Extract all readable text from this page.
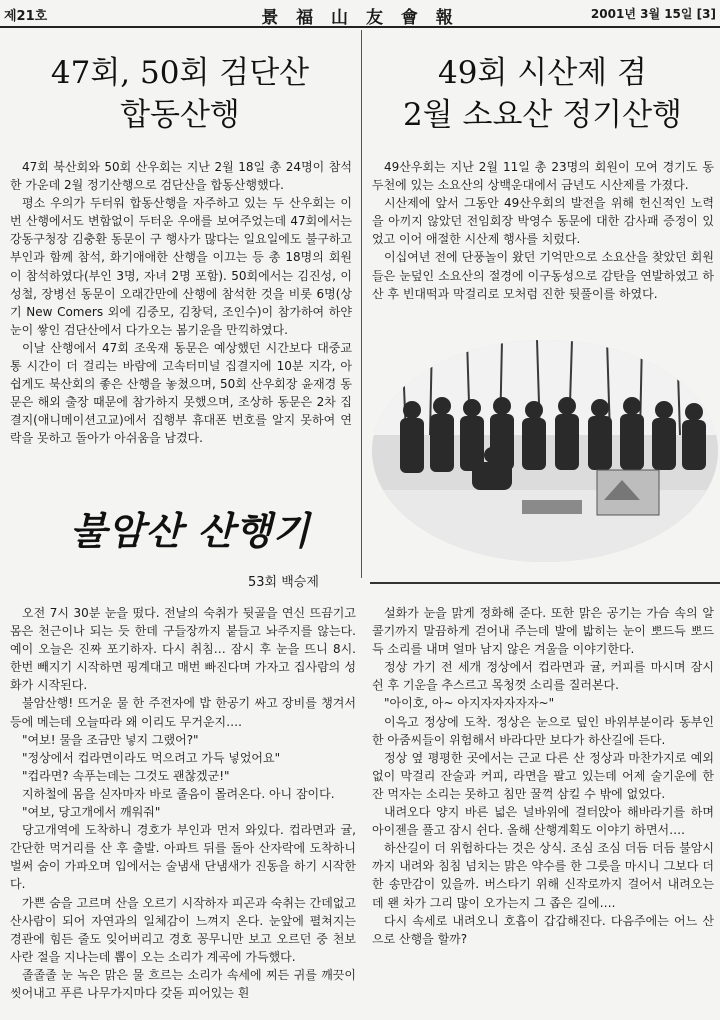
제21호	景 福 山 友 會 報	2001년 3월 15일 [3]
47회, 50회 검단산
합동산행

47회 북산회와 50회 산우회는 지난 2월 18일 총 24명이 참석한 가운데 2월 정기산행으로 검단산을 합동산행했다.

평소 우의가 두터워 합동산행을 자주하고 있는 두 산우회는 이번 산행에서도 변함없이 두터운 우애를 보여주었는데 47회에서는 강동구청장 김충환 동문이 구 행사가 많다는 일요일에도 불구하고 부인과 함께 참석, 화기애애한 산행을 이끄는 등 총 18명의 회원이 참석하였다(부인 3명, 자녀 2명 포함). 50회에서는 김진성, 이성철, 장병선 동문이 오래간만에 산행에 참석한 것을 비롯 6명(상기 New Comers 외에 김중모, 김창덕, 조인수)이 참가하여 하얀 눈이 쌓인 검단산에서 다가오는 봄기운을 만끽하였다.

이날 산행에서 47회 조욱재 동문은 예상했던 시간보다 대중교통 시간이 더 걸리는 바람에 고속터미널 집결지에 10분 지각, 아쉽게도 북산회의 좋은 산행을 놓쳤으며, 50회 산우회장 윤재경 동문은 해외 출장 때문에 참가하지 못했으며, 조상하 동문은 2차 집결지(애니메이션고교)에서 집행부 휴대폰 번호를 알지 못하여 연락을 못하고 돌아가 아쉬움을 남겼다.

49회 시산제 겸
2월 소요산 정기산행

49산우회는 지난 2월 11일 총 23명의 회원이 모여 경기도 동두천에 있는 소요산의 상백운대에서 금년도 시산제를 가졌다.

시산제에 앞서 그동안 49산우회의 발전을 위해 헌신적인 노력을 아끼지 않았던 전임회장 박영수 동문에 대한 감사패 증정이 있었고 이어 애절한 시산제 행사를 치렀다.

이십여년 전에 단풍놀이 왔던 기억만으로 소요산을 찾았던 회원들은 눈덮인 소요산의 절경에 이구동성으로 감탄을 연발하였고 하산 후 빈대떡과 막걸리로 모처럼 진한 뒷풀이를 하였다.

불암산 산행기
53회 백승제

오전 7시 30분 눈을 떴다. 전날의 숙취가 뒷골을 연신 뜨끔기고 몸은 천근이나 되는 듯 한데 구들장까지 붙들고 놔주지를 않는다. 예이 오늘은 진짜 포기하자. 다시 취침… 잠시 후 눈을 뜨니 8시. 한번 빼지기 시작하면 핑계대고 매번 빠진다며 가자고 집사람의 성화가 시작된다.

불암산행! 뜨거운 물 한 주전자에 밥 한공기 싸고 장비를 챙겨서 등에 메는데 오늘따라 왜 이리도 무거운지….

"여보! 물을 조금만 넣지 그랬어?"

"정상에서 컵라면이라도 먹으려고 가득 넣었어요"

"컵라면? 속푸는데는 그것도 괜찮겠군!"

지하철에 몸을 싣자마자 바로 졸음이 몰려온다. 아니 잠이다.

"여보, 당고개에서 깨워줘"

당고개역에 도착하니 경호가 부인과 먼저 와있다. 컵라면과 귤, 간단한 먹거리를 산 후 출발. 아파트 뒤를 돌아 산자락에 도착하니 벌써 숨이 가파오며 입에서는 술냄새 단냄새가 진동을 하기 시작한다.

가쁜 숨을 고르며 산을 오르기 시작하자 피곤과 숙취는 간데없고 산사람이 되어 자연과의 일체감이 느껴지 온다. 눈앞에 펼쳐지는 경관에 힘든 줄도 잊어버리고 경호 꽁무니만 보고 오르던 중 천보사란 절을 지나는데 뽑이 오는 소리가 계곡에 가득했다.

졸졸졸 눈 녹은 맑은 물 흐르는 소리가 속세에 찌든 귀를 깨끗이 씻어내고 푸른 나무가지마다 갖돋 피어있는 흰

설화가 눈을 맑게 정화해 준다. 또한 맑은 공기는 가슴 속의 알콜기까지 말끔하게 걷어내 주는데 발에 밟히는 눈이 뽀드득 뽀드득 소리를 내며 얼마 남지 않은 겨울을 이야기한다.

정상 가기 전 세개 정상에서 컵라면과 귤, 커피를 마시며 잠시 쉰 후 기운을 추스르고 목청껏 소리를 질러본다.

"아이호, 아~ 아지자자자자자~"

이윽고 정상에 도착. 정상은 눈으로 덮인 바위부분이라 동부인한 아줌씨들이 위험해서 바라다만 보다가 하산길에 든다.

정상 옆 평평한 곳에서는 근교 다른 산 정상과 마찬가지로 예외없이 막걸리 잔술과 커피, 라면을 팔고 있는데 어제 술기운에 한 잔 먹자는 소리는 못하고 침만 꿀꺽 삼킬 수 밖에 없었다.

내려오다 양지 바른 넓은 널바위에 걸터앉아 해바라기를 하며 아이젠을 풀고 잠시 쉰다. 올해 산행계획도 이야기 하면서….

하산길이 더 위험하다는 것은 상식. 조심 조심 더듬 더듬 불암시까지 내려와 침침 넘치는 맑은 약수를 한 그릇을 마시니 그보다 더한 송만감이 있을까. 버스타기 위해 신작로까지 걸어서 내려오는데 왠 차가 그리 많이 오가는지 그 좁은 길에….

다시 속세로 내려오니 호흡이 갑갑해진다. 다음주에는 어느 산으로 산행을 할까?
